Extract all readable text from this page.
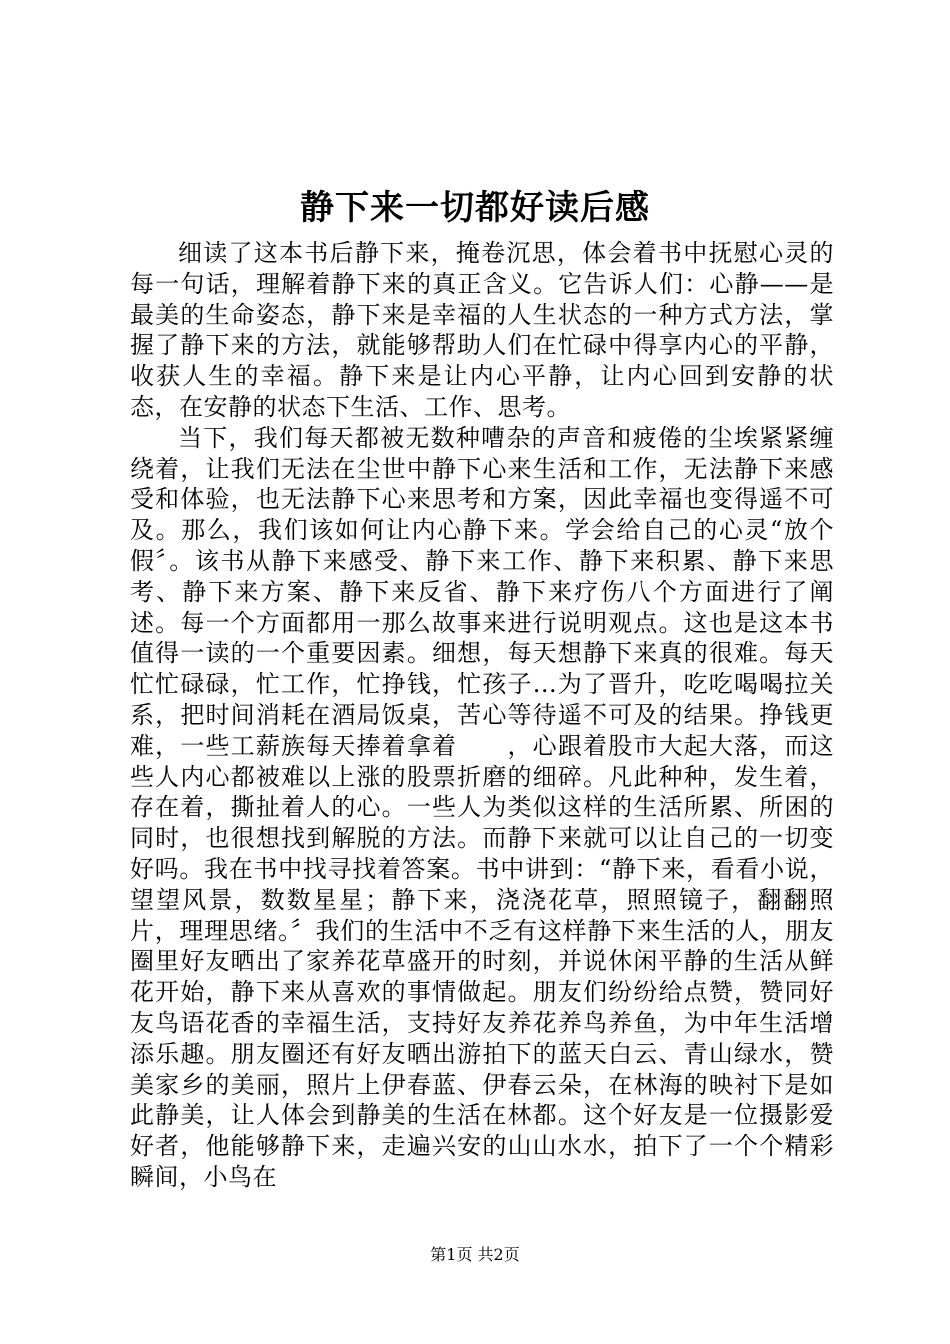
静下来一切都好读后感

细读了这本书后静下来，掩卷沉思，体会着书中抚慰心灵的每一句话，理解着静下来的真正含义。它告诉人们：心静——是最美的生命姿态，静下来是幸福的人生状态的一种方式方法，掌握了静下来的方法，就能够帮助人们在忙碌中得享内心的平静，收获人生的幸福。静下来是让内心平静，让内心回到安静的状态，在安静的状态下生活、工作、思考。

当下，我们每天都被无数种嘈杂的声音和疲倦的尘埃紧紧缠绕着，让我们无法在尘世中静下心来生活和工作，无法静下来感受和体验，也无法静下心来思考和方案，因此幸福也变得遥不可及。那么，我们该如何让内心静下来。学会给自己的心灵“放个假〞。该书从静下来感受、静下来工作、静下来积累、静下来思考、静下来方案、静下来反省、静下来疗伤八个方面进行了阐述。每一个方面都用一那么故事来进行说明观点。这也是这本书值得一读的一个重要因素。细想，每天想静下来真的很难。每天忙忙碌碌，忙工作，忙挣钱，忙孩子...为了晋升，吃吃喝喝拉关系，把时间消耗在酒局饭桌，苦心等待遥不可及的结果。挣钱更难，一些工薪族每天捧着拿着　　，心跟着股市大起大落，而这些人内心都被难以上涨的股票折磨的细碎。凡此种种，发生着，存在着，撕扯着人的心。一些人为类似这样的生活所累、所困的同时，也很想找到解脱的方法。而静下来就可以让自己的一切变好吗。我在书中找寻找着答案。书中讲到：“静下来，看看小说，望望风景，数数星星；静下来，浇浇花草，照照镜子，翻翻照片，理理思绪。〞我们的生活中不乏有这样静下来生活的人，朋友圈里好友晒出了家养花草盛开的时刻，并说休闲平静的生活从鲜花开始，静下来从喜欢的事情做起。朋友们纷纷给点赞，赞同好友鸟语花香的幸福生活，支持好友养花养鸟养鱼，为中年生活增添乐趣。朋友圈还有好友晒出游拍下的蓝天白云、青山绿水，赞美家乡的美丽，照片上伊春蓝、伊春云朵，在林海的映衬下是如此静美，让人体会到静美的生活在林都。这个好友是一位摄影爱好者，他能够静下来，走遍兴安的山山水水，拍下了一个个精彩瞬间，小鸟在

第1页 共2页
